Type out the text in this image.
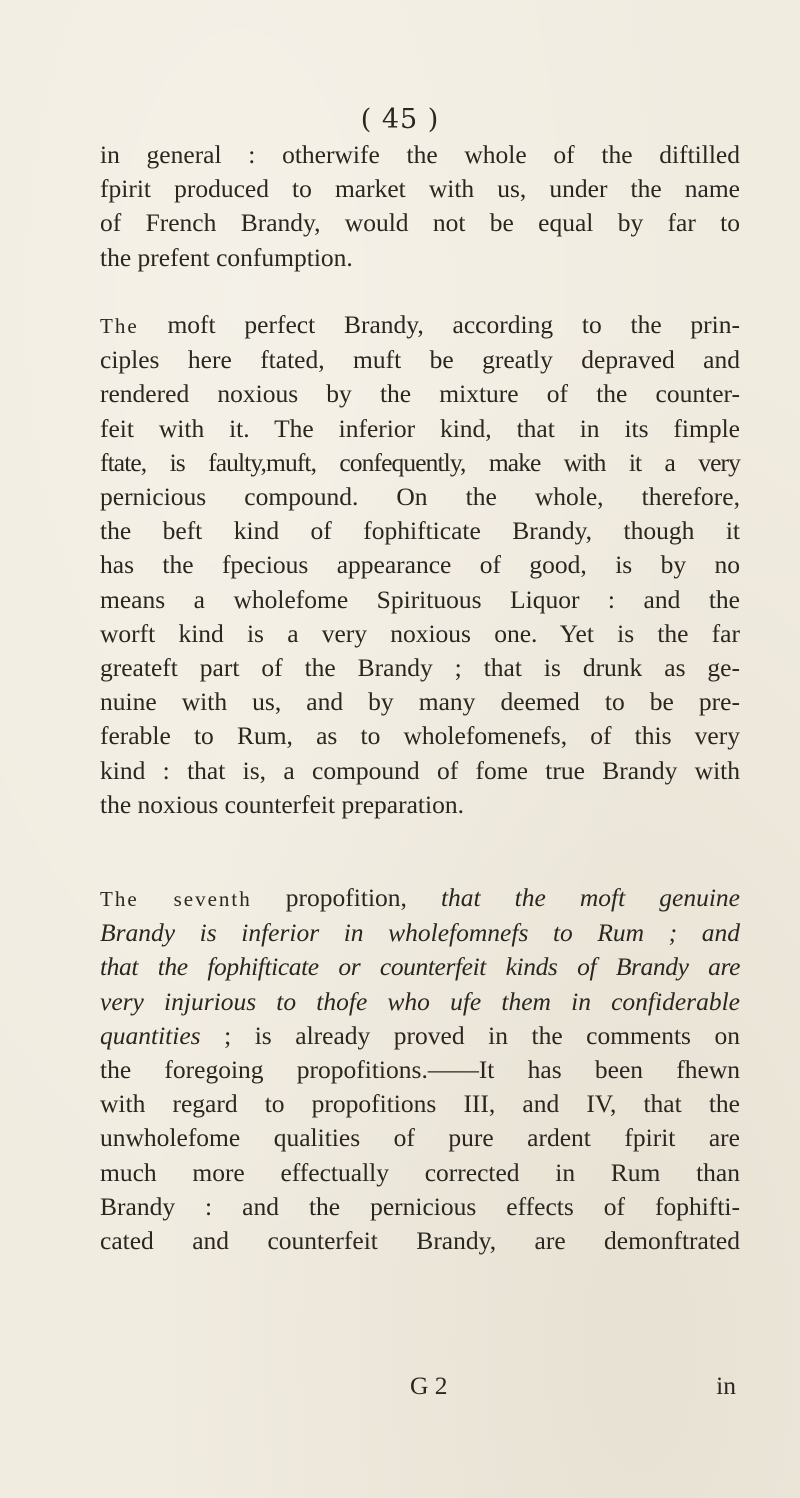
( 45 )
in general : otherwife the whole of the diftilled
fpirit produced to market with us, under the name
of French Brandy, would not be equal by far to
the prefent confumption.
The moft perfect Brandy, according to the prin-
ciples here ftated, muft be greatly depraved and
rendered noxious by the mixture of the counter-
feit with it. The inferior kind, that in its fimple
ftate, is faulty,muft, confequently, make with it a very
pernicious compound. On the whole, therefore,
the beft kind of fophifticate Brandy, though it
has the fpecious appearance of good, is by no
means a wholefome Spirituous Liquor : and the
worft kind is a very noxious one. Yet is the far
greateft part of the Brandy ; that is drunk as ge-
nuine with us, and by many deemed to be pre-
ferable to Rum, as to wholefomenefs, of this very
kind : that is, a compound of fome true Brandy with
the noxious counterfeit preparation.
The seventh propofition, that the moft genuine
Brandy is inferior in wholefomnefs to Rum ; and
that the fophifticate or counterfeit kinds of Brandy are
very injurious to thofe who ufe them in confiderable
quantities ; is already proved in the comments on
the foregoing propofitions.——It has been fhewn
with regard to propofitions III, and IV, that the
unwholefome qualities of pure ardent fpirit are
much more effectually corrected in Rum than
Brandy : and the pernicious effects of fophifti-
cated and counterfeit Brandy, are demonftrated
G 2	in
